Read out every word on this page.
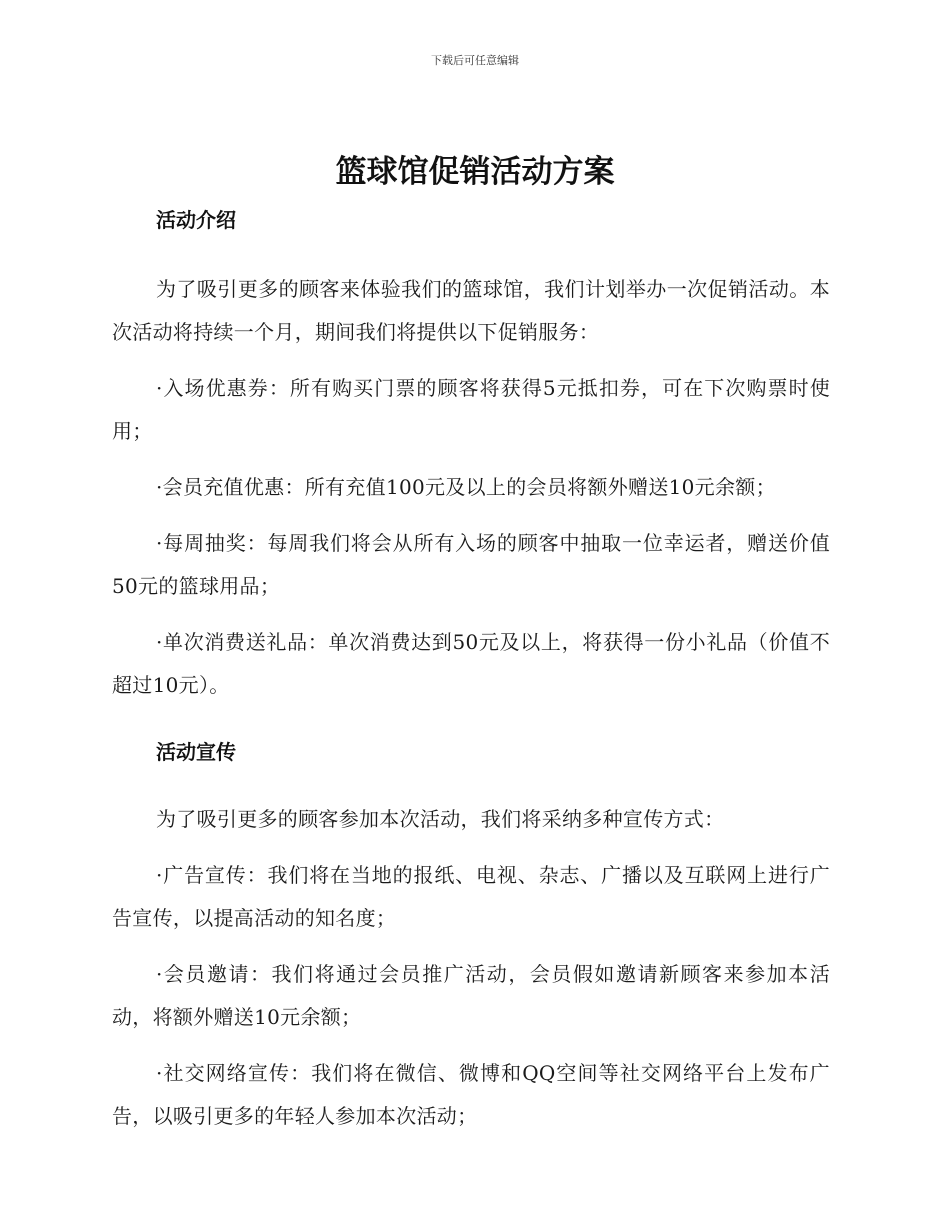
下载后可任意编辑
篮球馆促销活动方案
活动介绍

为了吸引更多的顾客来体验我们的篮球馆，我们计划举办一次促销活动。本次活动将持续一个月，期间我们将提供以下促销服务：

·入场优惠券：所有购买门票的顾客将获得5元抵扣券，可在下次购票时使用；

·会员充值优惠：所有充值100元及以上的会员将额外赠送10元余额；

·每周抽奖：每周我们将会从所有入场的顾客中抽取一位幸运者，赠送价值50元的篮球用品；

·单次消费送礼品：单次消费达到50元及以上，将获得一份小礼品（价值不超过10元）。

活动宣传

为了吸引更多的顾客参加本次活动，我们将采纳多种宣传方式：

·广告宣传：我们将在当地的报纸、电视、杂志、广播以及互联网上进行广告宣传，以提高活动的知名度；

·会员邀请：我们将通过会员推广活动，会员假如邀请新顾客来参加本活动，将额外赠送10元余额；

·社交网络宣传：我们将在微信、微博和QQ空间等社交网络平台上发布广告，以吸引更多的年轻人参加本次活动；
